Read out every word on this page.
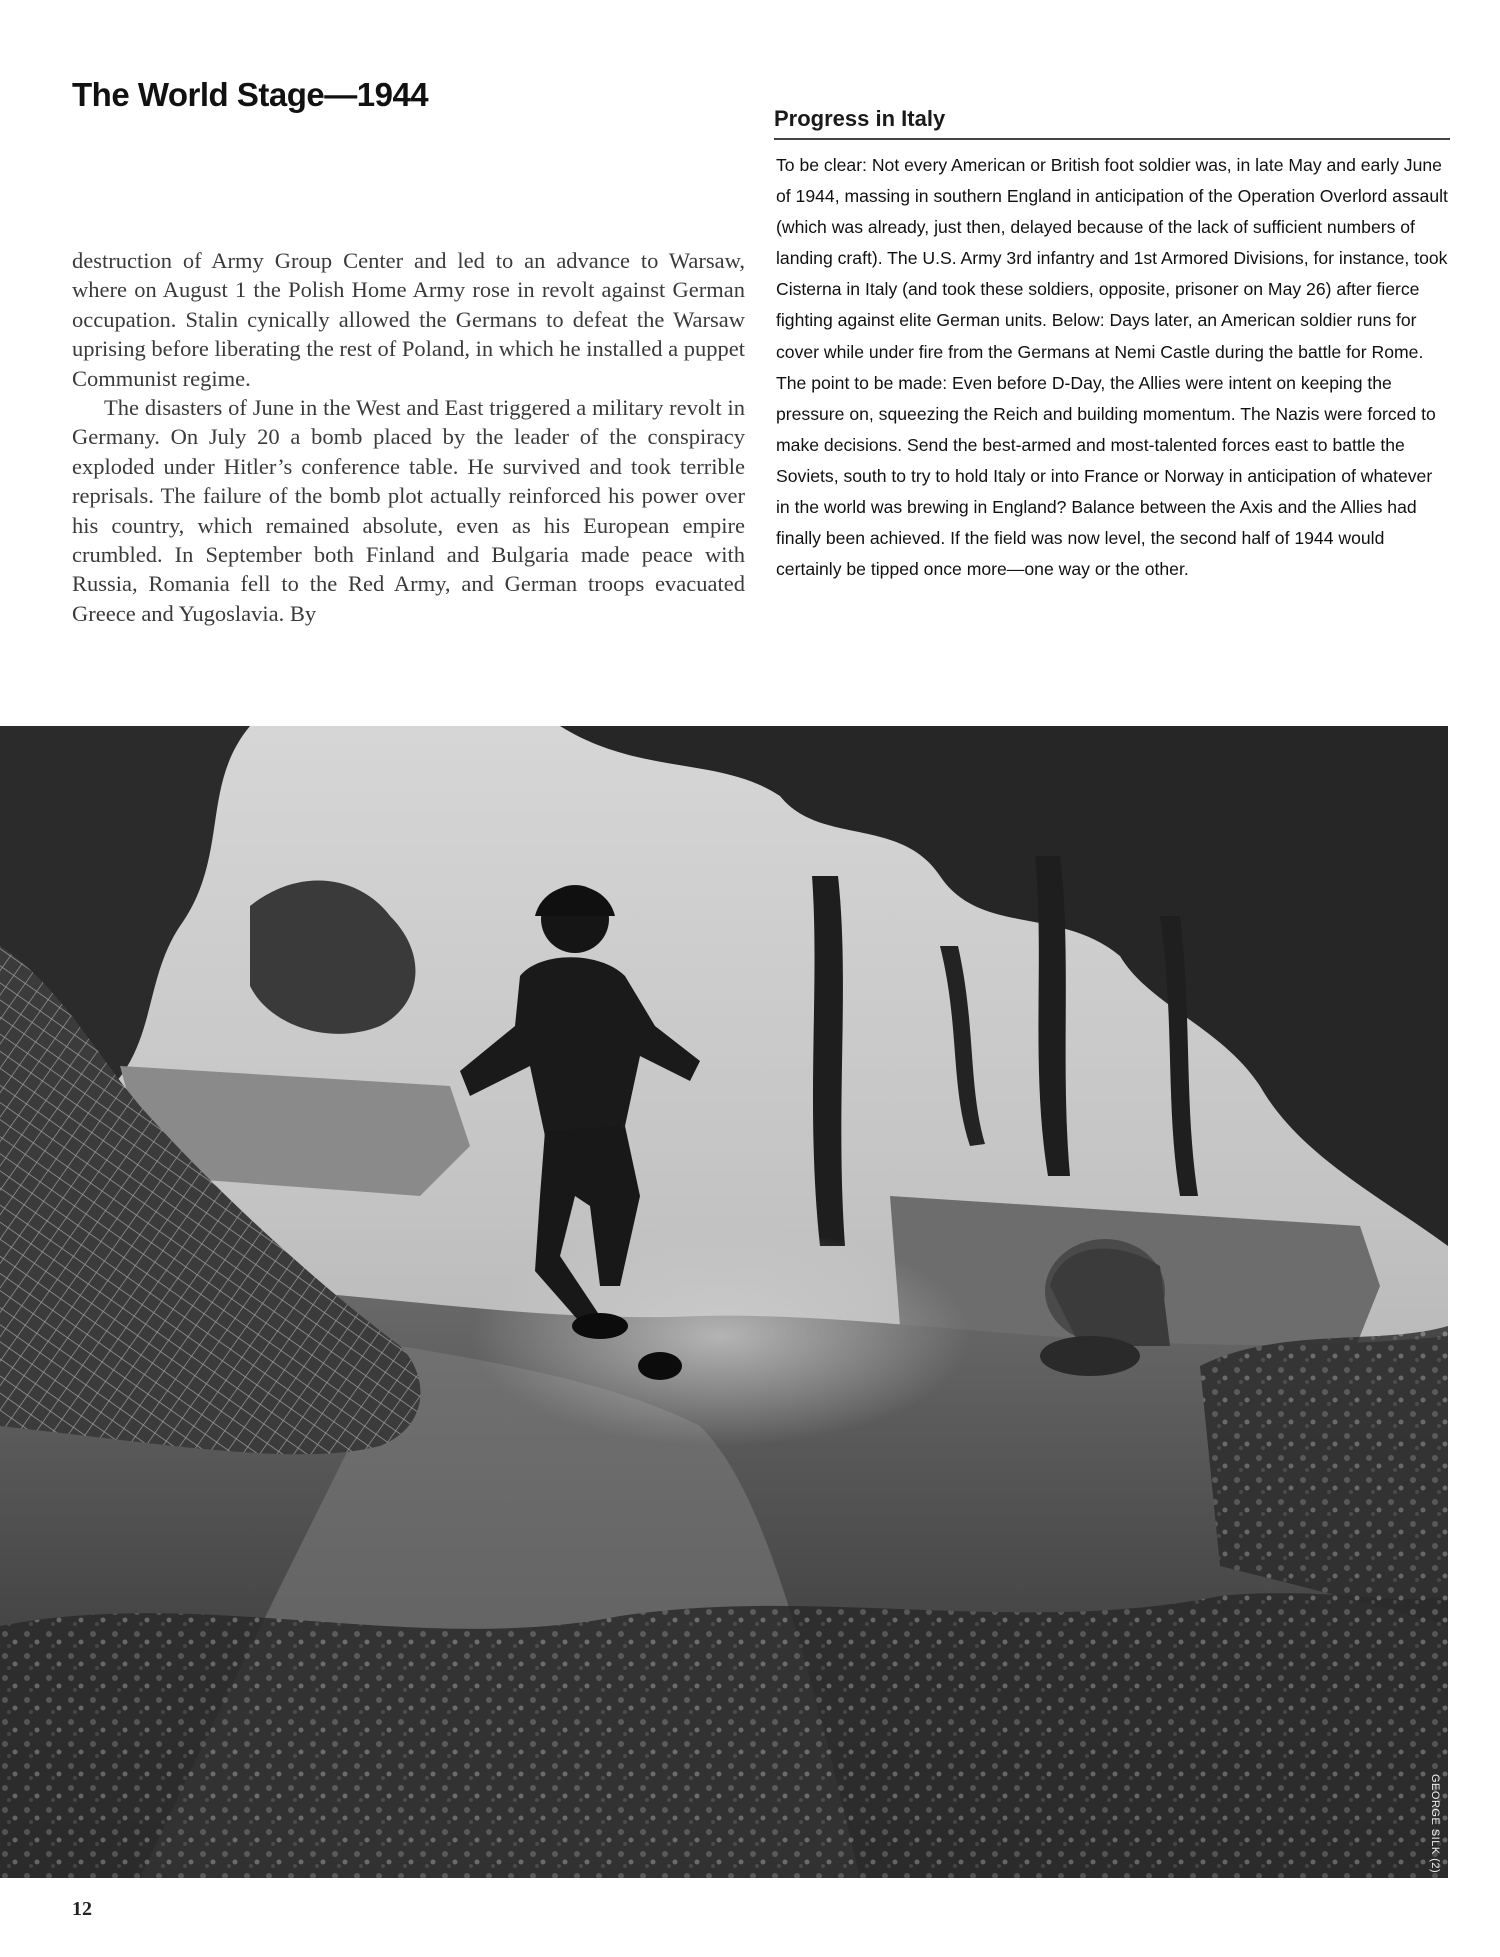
The World Stage—1944

destruction of Army Group Center and led to an advance to Warsaw, where on August 1 the Polish Home Army rose in revolt against German occupation. Stalin cynically allowed the Germans to defeat the Warsaw uprising before liberating the rest of Poland, in which he installed a puppet Communist regime.

The disasters of June in the West and East triggered a military revolt in Germany. On July 20 a bomb placed by the leader of the conspiracy exploded under Hitler’s conference table. He survived and took terrible reprisals. The failure of the bomb plot actually reinforced his power over his country, which remained absolute, even as his European empire crumbled. In September both Finland and Bulgaria made peace with Russia, Romania fell to the Red Army, and German troops evacuated Greece and Yugoslavia. By

Progress in Italy

To be clear: Not every American or British foot soldier was, in late May and early June of 1944, massing in southern England in anticipation of the Operation Overlord assault (which was already, just then, delayed because of the lack of sufficient numbers of landing craft). The U.S. Army 3rd infantry and 1st Armored Divisions, for instance, took Cisterna in Italy (and took these soldiers, opposite, prisoner on May 26) after fierce fighting against elite German units. Below: Days later, an American soldier runs for cover while under fire from the Germans at Nemi Castle during the battle for Rome. The point to be made: Even before D-Day, the Allies were intent on keeping the pressure on, squeezing the Reich and building momentum. The Nazis were forced to make decisions. Send the best-armed and most-talented forces east to battle the Soviets, south to try to hold Italy or into France or Norway in anticipation of whatever in the world was brewing in England? Balance between the Axis and the Allies had finally been achieved. If the field was now level, the second half of 1944 would certainly be tipped once more—one way or the other.

GEORGE SILK (2)

12
